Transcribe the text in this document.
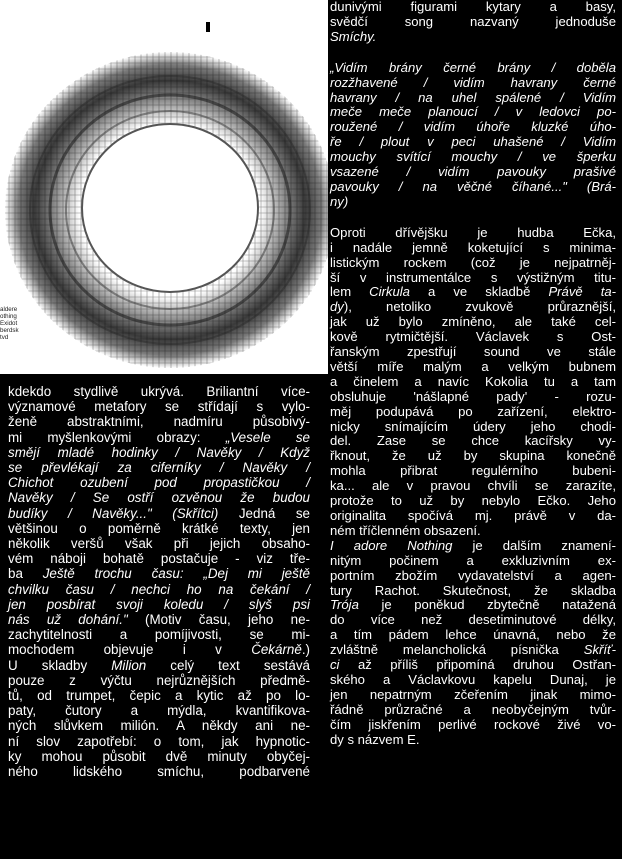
aldere
othing
Exidot
berdsk
tvd
kdekdo stydlivě ukrývá. Briliantní více-
významové metafory se střídají s vylo-
ženě abstraktními, nadmíru působivý-
mi myšlenkovými obrazy: „Vesele se
smějí mladé hodinky / Navěky / Když
se převlékají za ciferníky / Navěky /
Chichot ozubení pod propastičkou /
Navěky / Se ostří ozvěnou že budou
budíky / Navěky..." (Skřítci) Jedná se
většinou o poměrně krátké texty, jen
několik veršů však při jejich obsaho-
vém náboji bohatě postačuje - viz tře-
ba Ještě trochu času: „Dej mi ještě
chvilku času / nechci ho na čekání /
jen posbírat svoji koledu / slyš psi
nás už dohání." (Motiv času, jeho ne-
zachytitelnosti a pomíjivosti, se mi-
mochodem objevuje i v Čekárně.)
U skladby Milion celý text sestává
pouze z výčtu nejrůznějších předmě-
tů, od trumpet, čepic a kytic až po lo-
paty, čutory a mýdla, kvantifikova-
ných slůvkem milión. A někdy ani ne-
ní slov zapotřebí: o tom, jak hypnotic-
ky mohou působit dvě minuty obyčej-
ného lidského smíchu, podbarvené
dunivými figurami kytary a basy,
svědčí song nazvaný jednoduše
Smíchy.
„Vidím brány černé brány / doběla
rozžhavené / vidím havrany černé
havrany / na uhel spálené / Vidím
meče meče planoucí / v ledovci po-
roužené / vidím úhoře kluzké úho-
ře / plout v peci uhašené / Vidím
mouchy svítící mouchy / ve šperku
vsazené / vidím pavouky prašivé
pavouky / na věčné číhané..." (Brá-
ny)
Oproti dřívějšku je hudba Ečka,
i nadále jemně koketující s minima-
listickým rockem (což je nejpatrněj-
ší v instrumentálce s výstižným titu-
lem Cirkula a ve skladbě Právě ta-
dy), netoliko zvukově průraznější,
jak už bylo zmíněno, ale také cel-
kově rytmičtější. Václavek s Ost-
řanským zpestřují sound ve stále
větší míře malým a velkým bubnem
a činelem a navíc Kokolia tu a tam
obsluhuje 'nášlapné pady' - rozu-
měj podupává po zařízení, elektro-
nicky snímajícím údery jeho chodi-
del. Zase se chce kacířsky vy-
řknout, že už by skupina konečně
mohla přibrat regulérního bubeni-
ka... ale v pravou chvíli se zarazíte,
protože to už by nebylo Ečko. Jeho
originalita spočívá mj. právě v da-
ném tříčlenném obsazení.
I adore Nothing je dalším znamení-
nitým počinem a exkluzivním ex-
portním zbožím vydavatelství a agen-
tury Rachot. Skutečnost, že skladba
Trója je poněkud zbytečně natažená
do více než desetiminutové délky,
a tím pádem lehce únavná, nebo že
zvláštně melancholická písnička Skříť-
ci až příliš připomíná druhou Ostřan-
ského a Václavkovu kapelu Dunaj, je
jen nepatrným zčeřením jinak mimo-
řádně průzračné a neobyčejným tvůr-
čím jiskřením perlivé rockové živé vo-
dy s názvem E.
